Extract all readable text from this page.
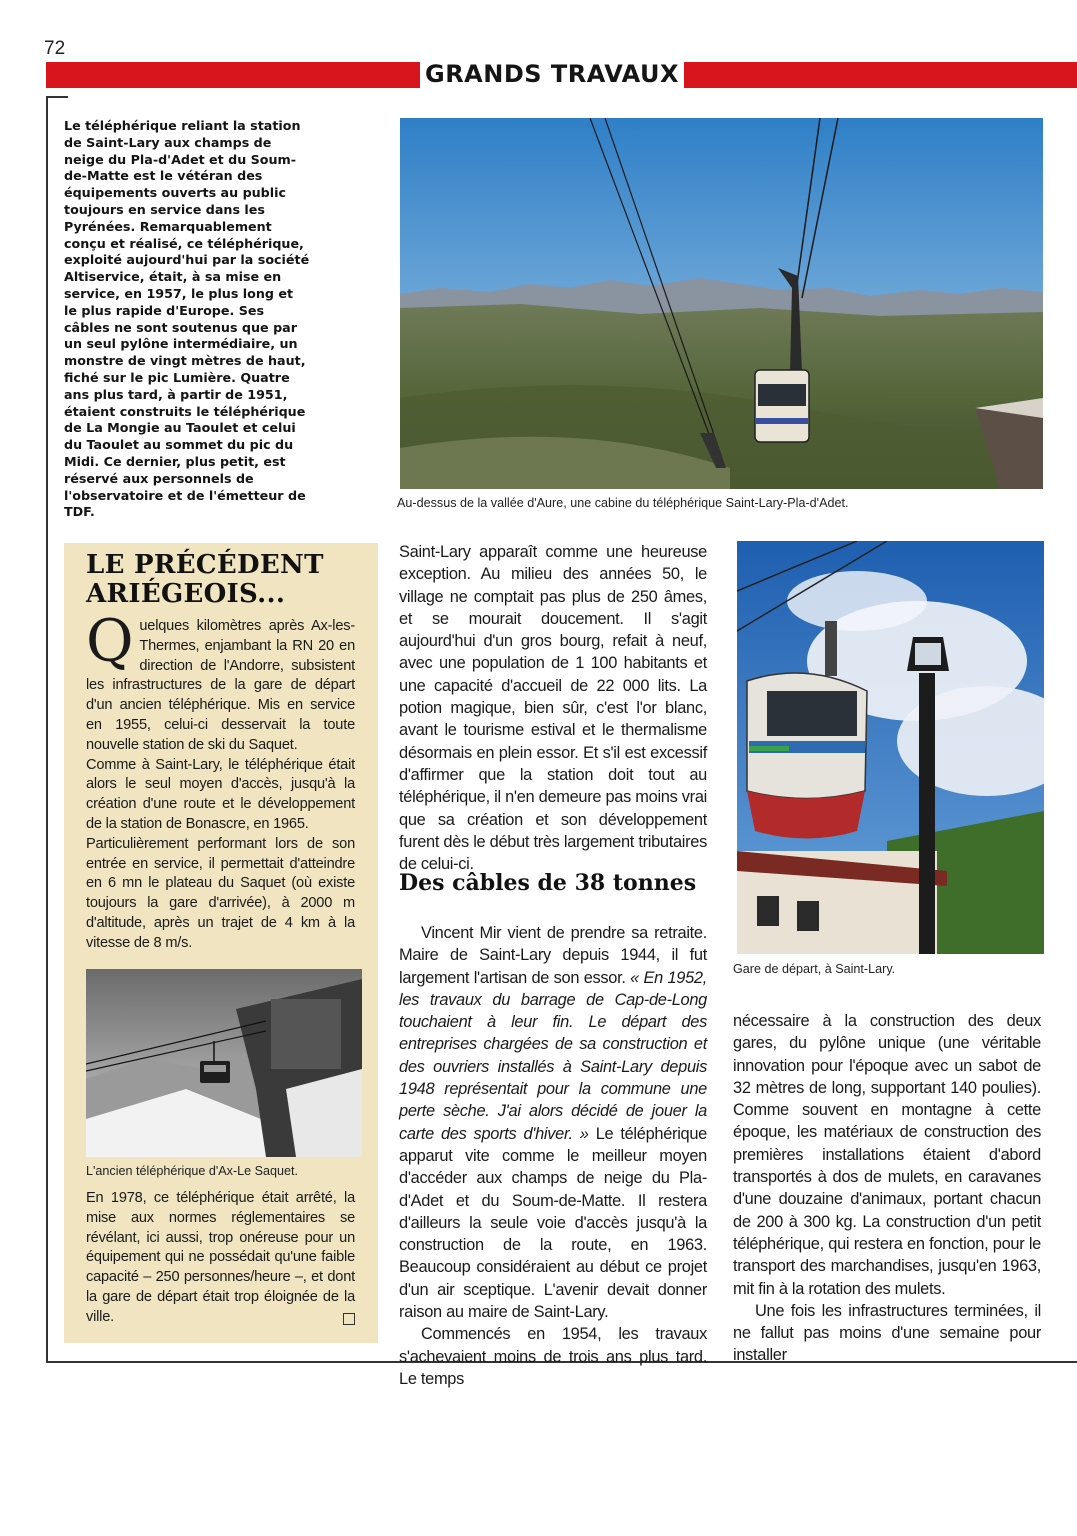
72
GRANDS TRAVAUX
Le téléphérique reliant la station de Saint-Lary aux champs de neige du Pla-d'Adet et du Soum-de-Matte est le vétéran des équipements ouverts au public toujours en service dans les Pyrénées. Remarquablement conçu et réalisé, ce téléphérique, exploité aujourd'hui par la société Altiservice, était, à sa mise en service, en 1957, le plus long et le plus rapide d'Europe. Ses câbles ne sont soutenus que par un seul pylône intermédiaire, un monstre de vingt mètres de haut, fiché sur le pic Lumière. Quatre ans plus tard, à partir de 1951, étaient construits le téléphérique de La Mongie au Taoulet et celui du Taoulet au sommet du pic du Midi. Ce dernier, plus petit, est réservé aux personnels de l'observatoire et de l'émetteur de TDF.
Au-dessus de la vallée d'Aure, une cabine du téléphérique Saint-Lary-Pla-d'Adet.
Gare de départ, à Saint-Lary.
LE PRÉCÉDENT ARIÉGEOIS...

Quelques kilomètres après Ax-les-Thermes, enjambant la RN 20 en direction de l'Andorre, subsistent les infrastructures de la gare de départ d'un ancien téléphérique. Mis en service en 1955, celui-ci desservait la toute nouvelle station de ski du Saquet.

Comme à Saint-Lary, le téléphérique était alors le seul moyen d'accès, jusqu'à la création d'une route et le développement de la station de Bonascre, en 1965.

Particulièrement performant lors de son entrée en service, il permettait d'atteindre en 6 mn le plateau du Saquet (où existe toujours la gare d'arrivée), à 2000 m d'altitude, après un trajet de 4 km à la vitesse de 8 m/s.

L'ancien téléphérique d'Ax-Le Saquet.

En 1978, ce téléphérique était arrêté, la mise aux normes réglementaires se révélant, ici aussi, trop onéreuse pour un équipement qui ne possédait qu'une faible capacité – 250 personnes/heure –, et dont la gare de départ était trop éloignée de la ville.

Saint-Lary apparaît comme une heureuse exception. Au milieu des années 50, le village ne comptait pas plus de 250 âmes, et se mourait doucement. Il s'agit aujourd'hui d'un gros bourg, refait à neuf, avec une population de 1 100 habitants et une capacité d'accueil de 22 000 lits. La potion magique, bien sûr, c'est l'or blanc, avant le tourisme estival et le thermalisme désormais en plein essor. Et s'il est excessif d'affirmer que la station doit tout au téléphérique, il n'en demeure pas moins vrai que sa création et son développement furent dès le début très largement tributaires de celui-ci.

Des câbles de 38 tonnes

Vincent Mir vient de prendre sa retraite. Maire de Saint-Lary depuis 1944, il fut largement l'artisan de son essor. « En 1952, les travaux du barrage de Cap-de-Long touchaient à leur fin. Le départ des entreprises chargées de sa construction et des ouvriers installés à Saint-Lary depuis 1948 représentait pour la commune une perte sèche. J'ai alors décidé de jouer la carte des sports d'hiver. » Le téléphérique apparut vite comme le meilleur moyen d'accéder aux champs de neige du Pla-d'Adet et du Soum-de-Matte. Il restera d'ailleurs la seule voie d'accès jusqu'à la construction de la route, en 1963. Beaucoup considéraient au début ce projet d'un air sceptique. L'avenir devait donner raison au maire de Saint-Lary.

Commencés en 1954, les travaux s'achevaient moins de trois ans plus tard. Le temps

nécessaire à la construction des deux gares, du pylône unique (une véritable innovation pour l'époque avec un sabot de 32 mètres de long, supportant 140 poulies). Comme souvent en montagne à cette époque, les matériaux de construction des premières installations étaient d'abord transportés à dos de mulets, en caravanes d'une douzaine d'animaux, portant chacun de 200 à 300 kg. La construction d'un petit téléphérique, qui restera en fonction, pour le transport des marchandises, jusqu'en 1963, mit fin à la rotation des mulets.

Une fois les infrastructures terminées, il ne fallut pas moins d'une semaine pour installer
